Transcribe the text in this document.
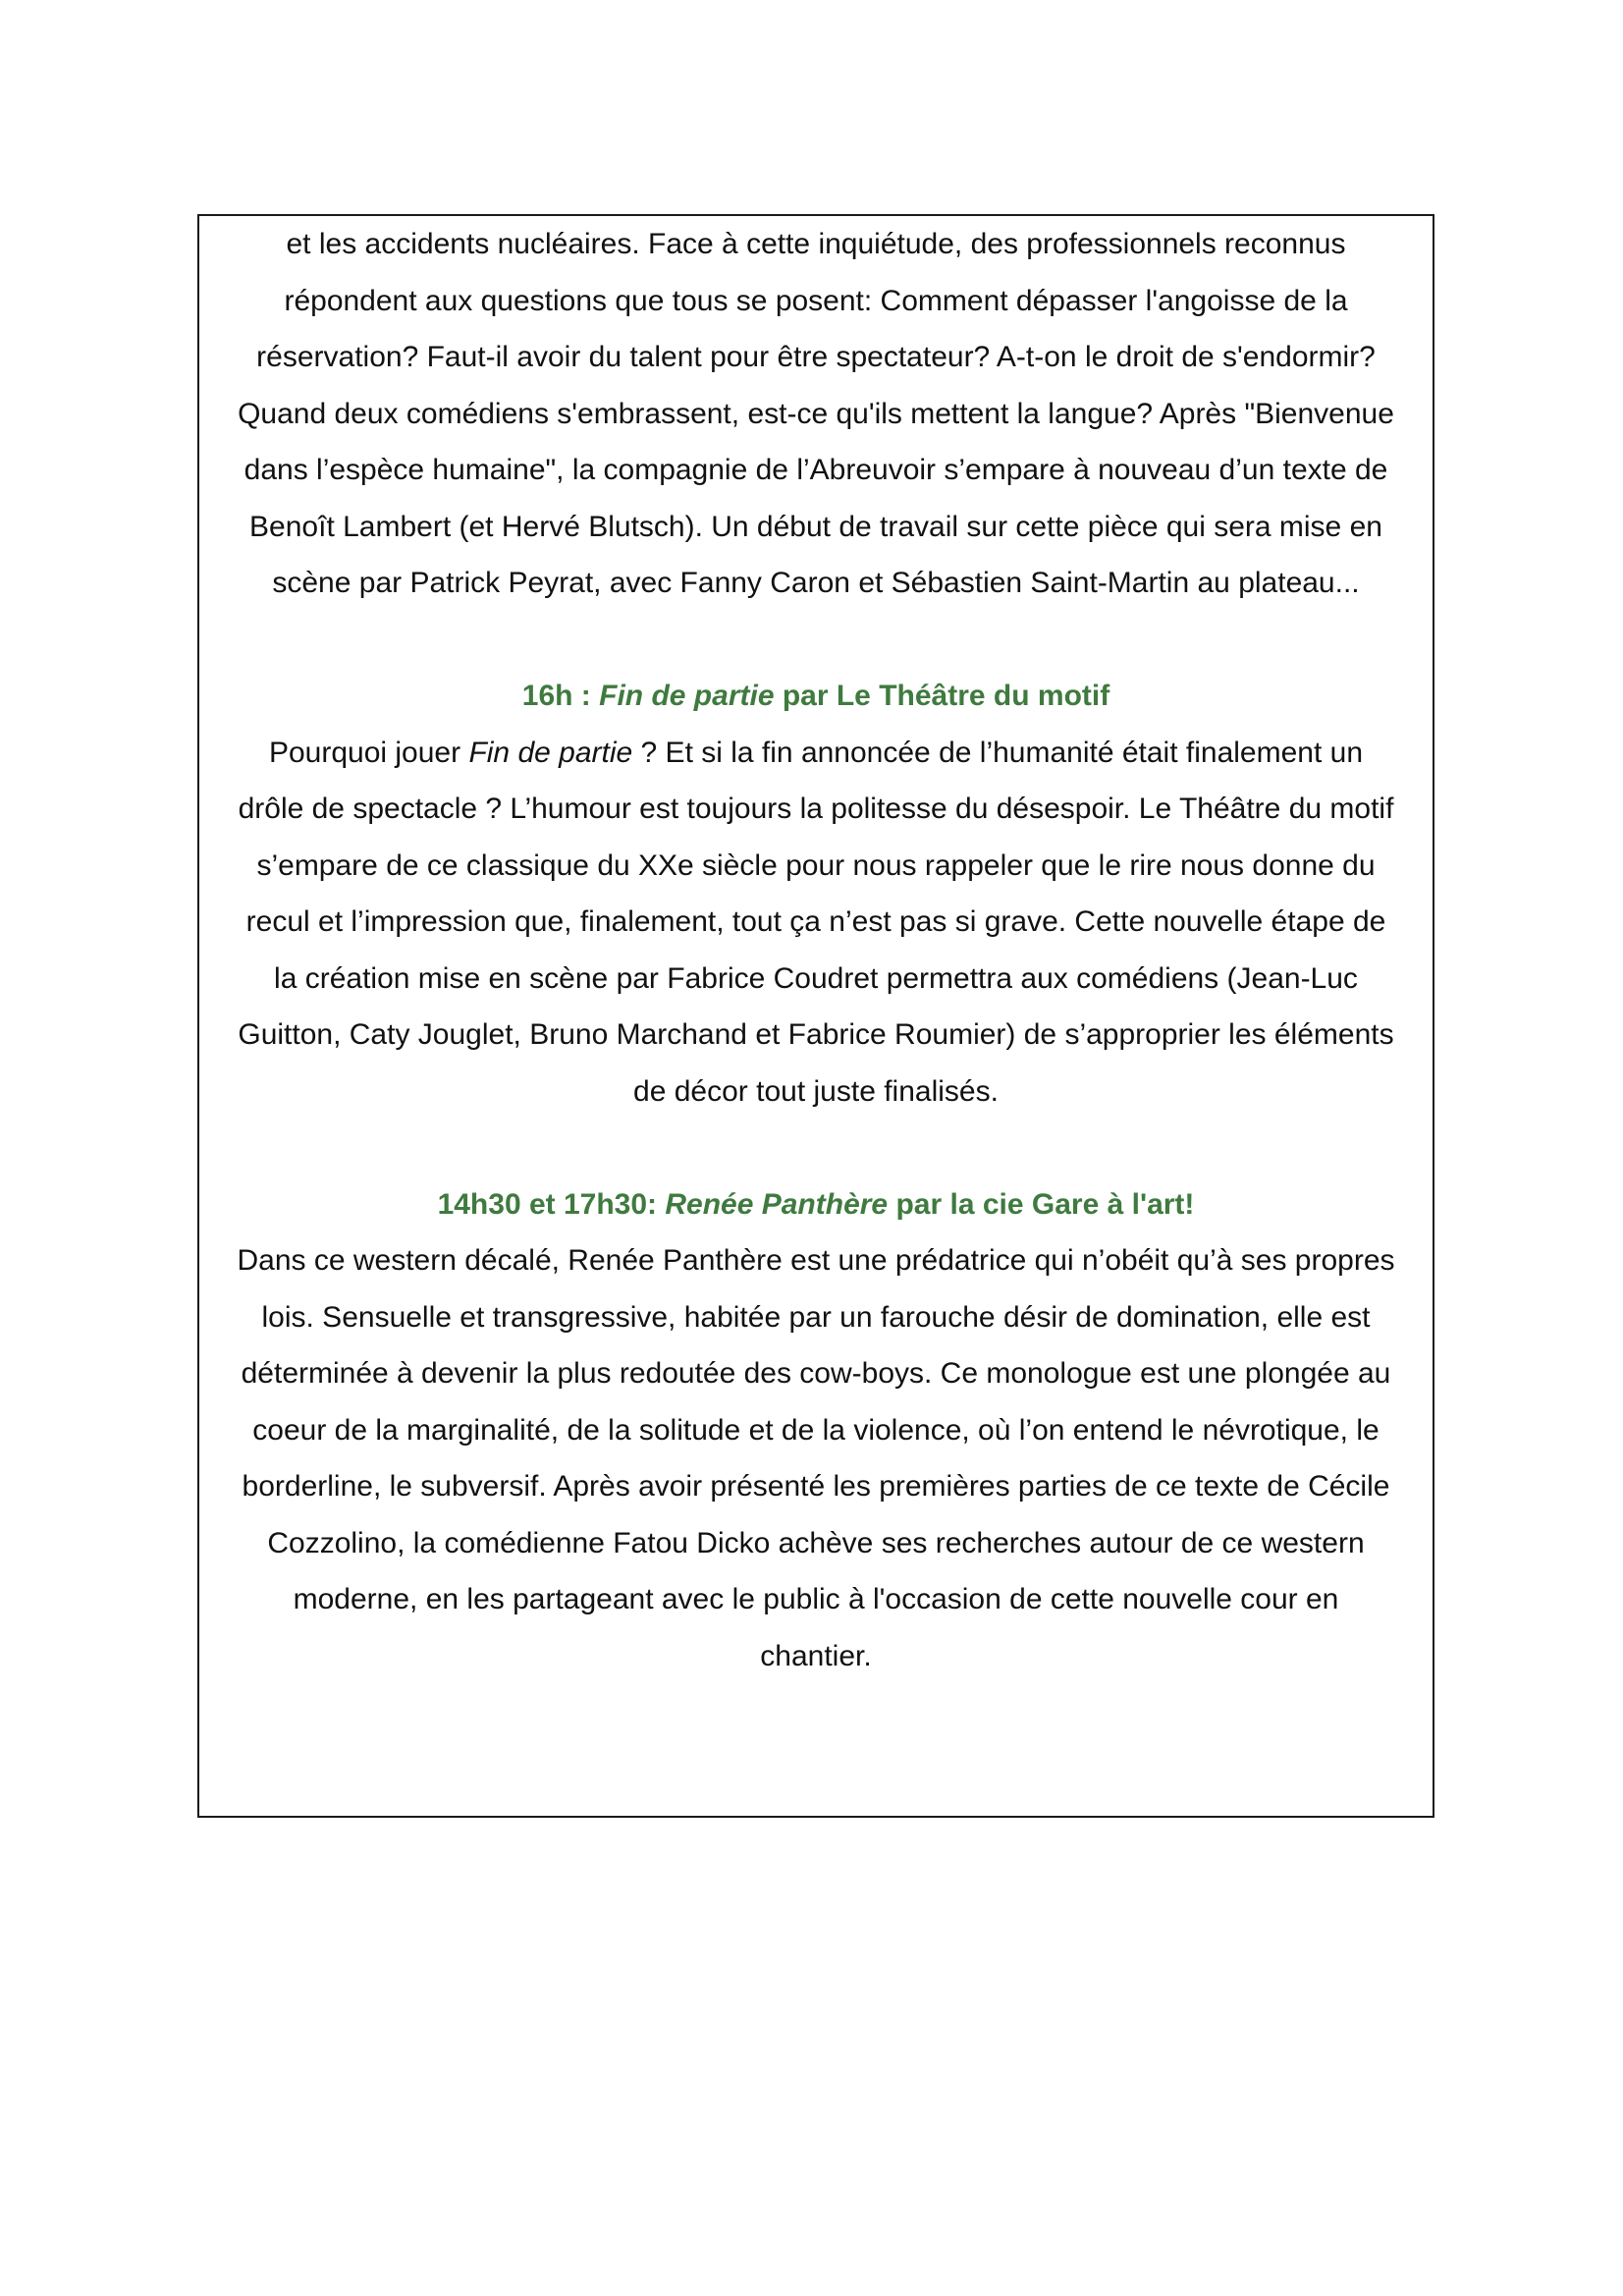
et les accidents nucléaires. Face à cette inquiétude, des professionnels reconnus répondent aux questions que tous se posent: Comment dépasser l'angoisse de la réservation? Faut-il avoir du talent pour être spectateur? A-t-on le droit de s'endormir? Quand deux comédiens s'embrassent, est-ce qu'ils mettent la langue? Après "Bienvenue dans l’espèce humaine", la compagnie de l’Abreuvoir s’empare à nouveau d’un texte de Benoît Lambert (et Hervé Blutsch). Un début de travail sur cette pièce qui sera mise en scène par Patrick Peyrat, avec Fanny Caron et Sébastien Saint-Martin au plateau...

16h : Fin de partie par Le Théâtre du motif

Pourquoi jouer Fin de partie ? Et si la fin annoncée de l’humanité était finalement un drôle de spectacle ? L’humour est toujours la politesse du désespoir. Le Théâtre du motif s’empare de ce classique du XXe siècle pour nous rappeler que le rire nous donne du recul et l’impression que, finalement, tout ça n’est pas si grave. Cette nouvelle étape de la création mise en scène par Fabrice Coudret permettra aux comédiens (Jean-Luc Guitton, Caty Jouglet, Bruno Marchand et Fabrice Roumier) de s’approprier les éléments de décor tout juste finalisés.

14h30 et 17h30: Renée Panthère par la cie Gare à l'art!

Dans ce western décalé, Renée Panthère est une prédatrice qui n’obéit qu’à ses propres lois. Sensuelle et transgressive, habitée par un farouche désir de domination, elle est déterminée à devenir la plus redoutée des cow-boys. Ce monologue est une plongée au coeur de la marginalité, de la solitude et de la violence, où l’on entend le névrotique, le borderline, le subversif. Après avoir présenté les premières parties de ce texte de Cécile Cozzolino, la comédienne Fatou Dicko achève ses recherches autour de ce western moderne, en les partageant avec le public à l'occasion de cette nouvelle cour en chantier.
